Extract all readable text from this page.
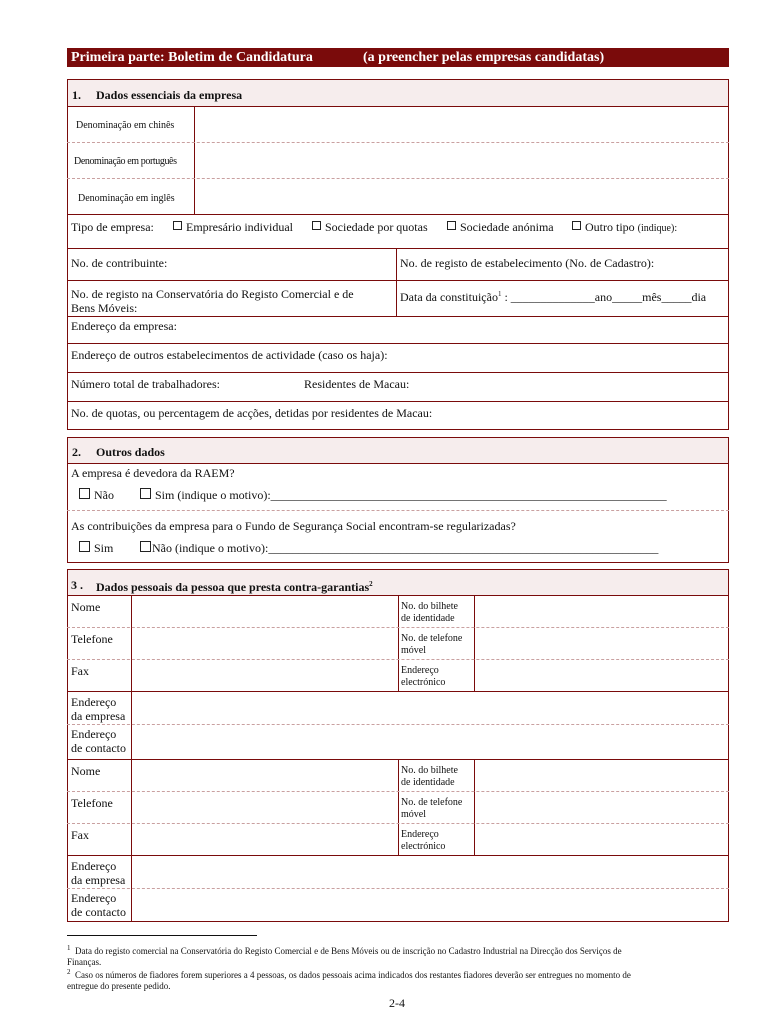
Primeira parte: Boletim de Candidatura	(a preencher pelas empresas candidatas)
1. Dados essenciais da empresa
Denominação em chinês
Denominação em português
Denominação em inglês
Tipo de empresa:	Empresário individual	Sociedade por quotas	Sociedade anónima	Outro tipo (indique):
No. de contribuinte:	No. de registo de estabelecimento (No. de Cadastro):
No. de registo na Conservatória do Registo Comercial e de
Bens Móveis:
Data da constituição$^1$ : ______________ano_____mês_____dia
Endereço da empresa:
Endereço de outros estabelecimentos de actividade (caso os haja):
Número total de trabalhadores:	Residentes de Macau:
No. de quotas, ou percentagem de acções, detidas por residentes de Macau:
2. Outros dados
A empresa é devedora da RAEM?
Não	Sim (indique o motivo):__________________________________________________________________
As contribuições da empresa para o Fundo de Segurança Social encontram-se regularizadas?
Sim	Não (indique o motivo):_________________________________________________________________
3 . Dados pessoais da pessoa que presta contra-garantias$^2$
Nome	No. do bilhete
de identidade
Telefone	No. de telefone
móvel
Fax	Endereço
electrónico
Endereço
da empresa
Endereço
de contacto
Nome	No. do bilhete
de identidade
Telefone	No. de telefone
móvel
Fax	Endereço
electrónico
Endereço
da empresa
Endereço
de contacto
$^1$ Data do registo comercial na Conservatória do Registo Comercial e de Bens Móveis ou de inscrição no Cadastro Industrial na Direcção dos Serviços de
Finanças.
$^2$ Caso os números de fiadores forem superiores a 4 pessoas, os dados pessoais acima indicados dos restantes fiadores deverão ser entregues no momento de
entregue do presente pedido.
2-4
